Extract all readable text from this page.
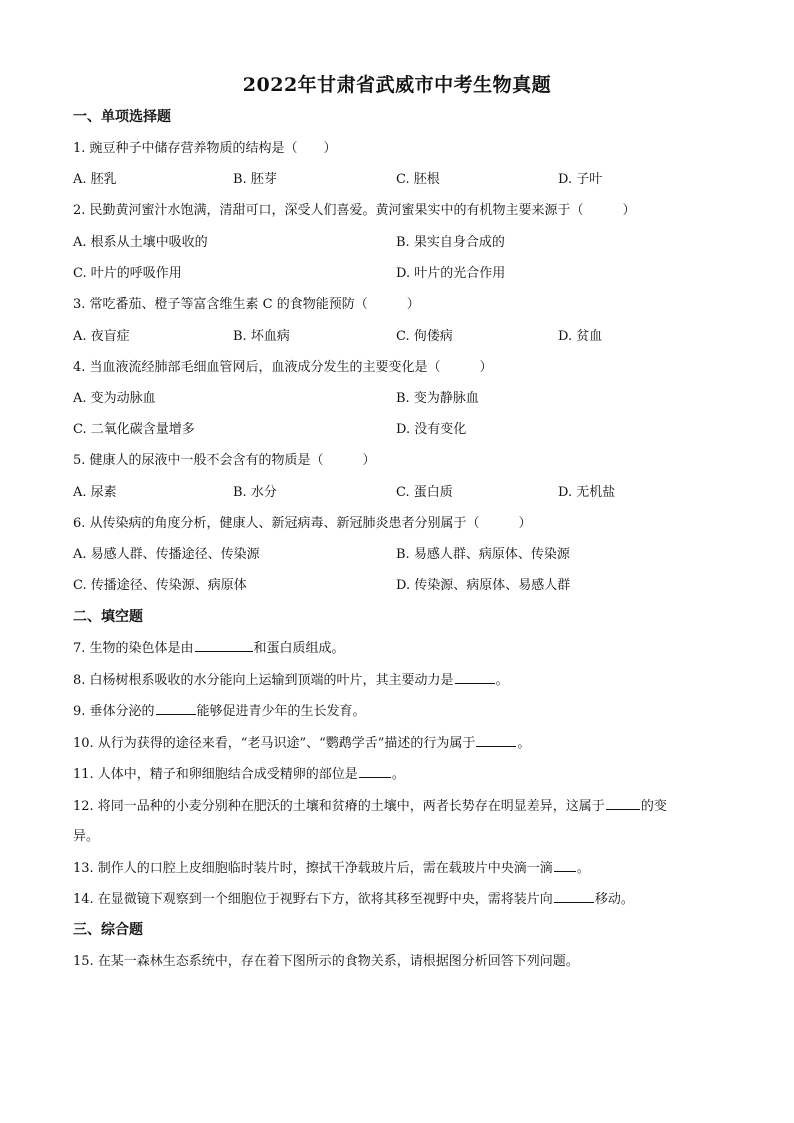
2022年甘肃省武威市中考生物真题
一、单项选择题
1. 豌豆种子中储存营养物质的结构是（　　）
A. 胚乳	B. 胚芽	C. 胚根	D. 子叶
2. 民勤黄河蜜汁水饱满，清甜可口，深受人们喜爱。黄河蜜果实中的有机物主要来源于（　　　）
A. 根系从土壤中吸收的	B. 果实自身合成的
C. 叶片的呼吸作用	D. 叶片的光合作用
3. 常吃番茄、橙子等富含维生素 C 的食物能预防（　　　）
A. 夜盲症	B. 坏血病	C. 佝偻病	D. 贫血
4. 当血液流经肺部毛细血管网后，血液成分发生的主要变化是（　　　）
A. 变为动脉血	B. 变为静脉血
C. 二氧化碳含量增多	D. 没有变化
5. 健康人的尿液中一般不会含有的物质是（　　　）
A. 尿素	B. 水分	C. 蛋白质	D. 无机盐
6. 从传染病的角度分析，健康人、新冠病毒、新冠肺炎患者分别属于（　　　）
A. 易感人群、传播途径、传染源	B. 易感人群、病原体、传染源
C. 传播途径、传染源、病原体	D. 传染源、病原体、易感人群
二、填空题
7. 生物的染色体是由	和蛋白质组成。
8. 白杨树根系吸收的水分能向上运输到顶端的叶片，其主要动力是	。
9. 垂体分泌的	能够促进青少年的生长发育。
10. 从行为获得的途径来看，“老马识途”、“鹦鹉学舌”描述的行为属于	。
11. 人体中，精子和卵细胞结合成受精卵的部位是	。
12. 将同一品种的小麦分别种在肥沃的土壤和贫瘠的土壤中，两者长势存在明显差异，这属于	的变
异。
13. 制作人的口腔上皮细胞临时装片时，擦拭干净载玻片后，需在载玻片中央滴一滴 。
14. 在显微镜下观察到一个细胞位于视野右下方，欲将其移至视野中央，需将装片向	移动。
三、综合题
15. 在某一森林生态系统中，存在着下图所示的食物关系，请根据图分析回答下列问题。
